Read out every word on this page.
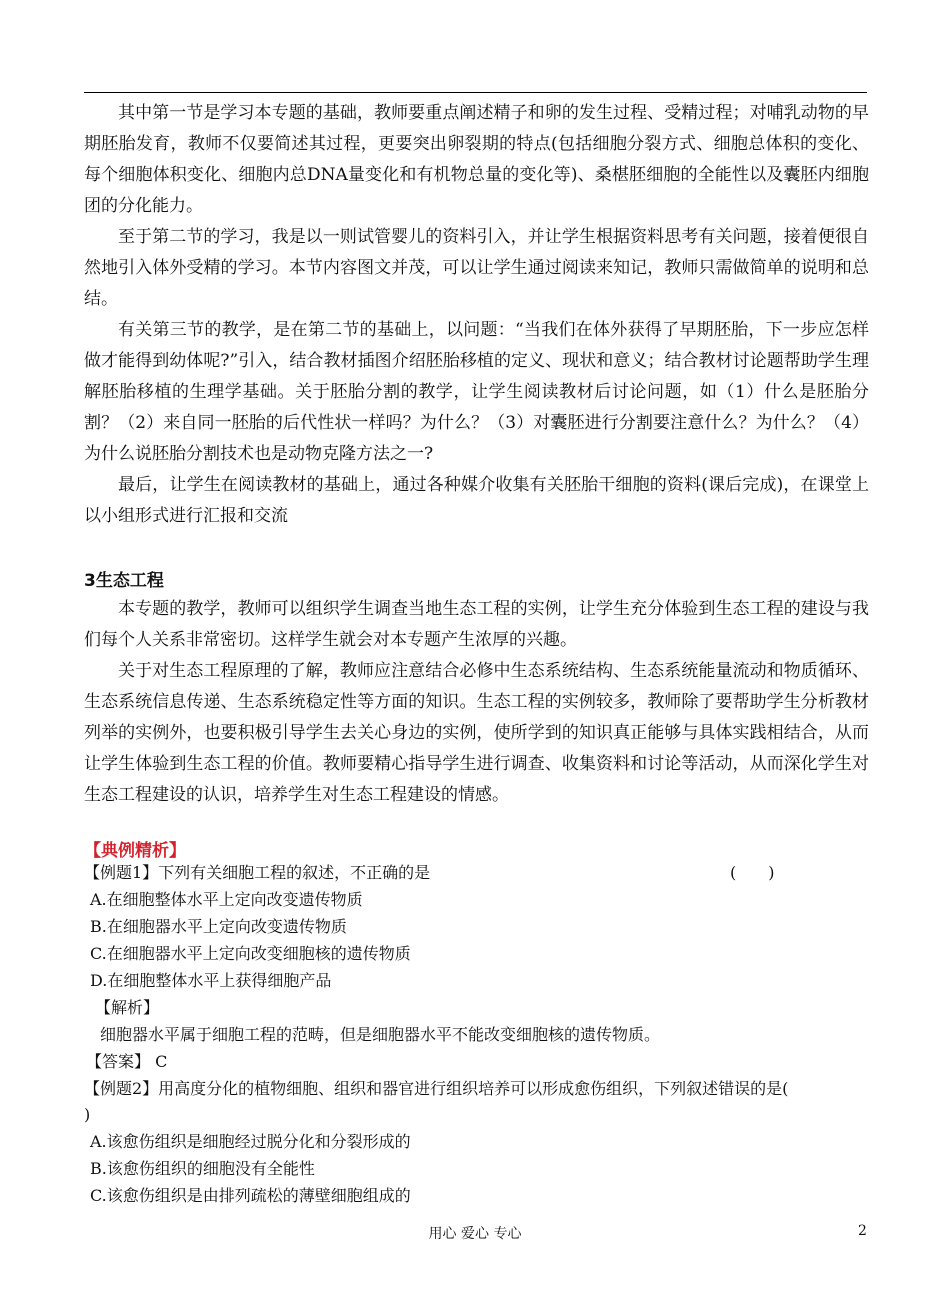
其中第一节是学习本专题的基础，教师要重点阐述精子和卵的发生过程、受精过程；对哺乳动物的早期胚胎发育，教师不仅要简述其过程，更要突出卵裂期的特点(包括细胞分裂方式、细胞总体积的变化、每个细胞体积变化、细胞内总DNA量变化和有机物总量的变化等)、桑椹胚细胞的全能性以及囊胚内细胞团的分化能力。

至于第二节的学习，我是以一则试管婴儿的资料引入，并让学生根据资料思考有关问题，接着便很自然地引入体外受精的学习。本节内容图文并茂，可以让学生通过阅读来知记，教师只需做简单的说明和总结。

有关第三节的教学，是在第二节的基础上，以问题：“当我们在体外获得了早期胚胎，下一步应怎样做才能得到幼体呢?”引入，结合教材插图介绍胚胎移植的定义、现状和意义；结合教材讨论题帮助学生理解胚胎移植的生理学基础。关于胚胎分割的教学，让学生阅读教材后讨论问题，如（1）什么是胚胎分割？（2）来自同一胚胎的后代性状一样吗？为什么？（3）对囊胚进行分割要注意什么？为什么？（4）为什么说胚胎分割技术也是动物克隆方法之一?

最后，让学生在阅读教材的基础上，通过各种媒介收集有关胚胎干细胞的资料(课后完成)，在课堂上以小组形式进行汇报和交流

3生态工程

本专题的教学，教师可以组织学生调查当地生态工程的实例，让学生充分体验到生态工程的建设与我们每个人关系非常密切。这样学生就会对本专题产生浓厚的兴趣。

关于对生态工程原理的了解，教师应注意结合必修中生态系统结构、生态系统能量流动和物质循环、生态系统信息传递、生态系统稳定性等方面的知识。生态工程的实例较多，教师除了要帮助学生分析教材列举的实例外，也要积极引导学生去关心身边的实例，使所学到的知识真正能够与具体实践相结合，从而让学生体验到生态工程的价值。教师要精心指导学生进行调查、收集资料和讨论等活动，从而深化学生对生态工程建设的认识，培养学生对生态工程建设的情感。

【典例精析】

【例题1】下列有关细胞工程的叙述，不正确的是	(　　)

A.在细胞整体水平上定向改变遗传物质

B.在细胞器水平上定向改变遗传物质

C.在细胞器水平上定向改变细胞核的遗传物质

D.在细胞整体水平上获得细胞产品

【解析】

细胞器水平属于细胞工程的范畴，但是细胞器水平不能改变细胞核的遗传物质。

【答案】 C

【例题2】用高度分化的植物细胞、组织和器官进行组织培养可以形成愈伤组织，下列叙述错误的是(

)

A.该愈伤组织是细胞经过脱分化和分裂形成的

B.该愈伤组织的细胞没有全能性

C.该愈伤组织是由排列疏松的薄壁细胞组成的

用心 爱心 专心	2
